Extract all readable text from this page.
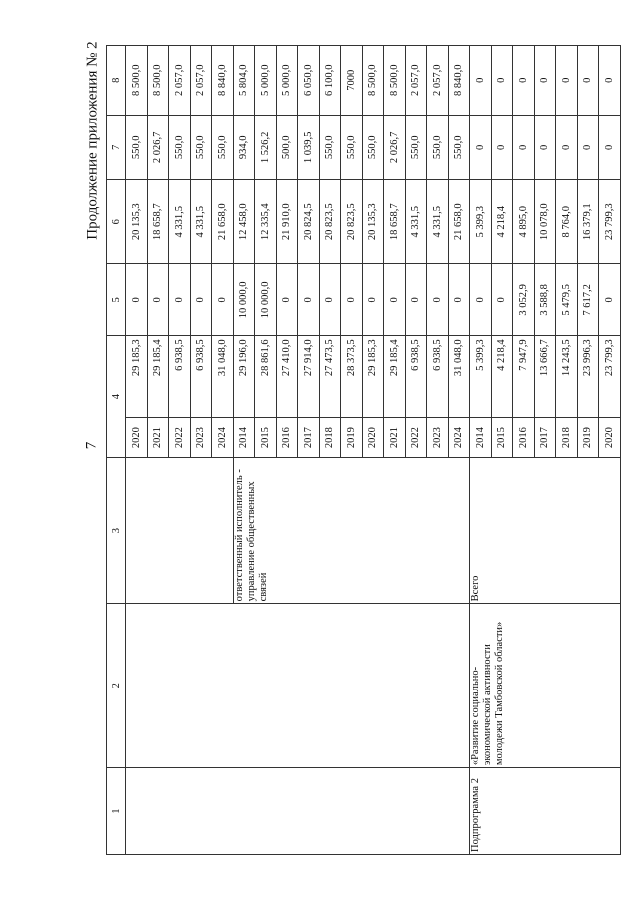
7
Продолжение приложения № 2
1	2	3	4		5	6	7	8
			2020	29 185,3	0	20 135,3	550,0	8 500,0
			2021	29 185,4	0	18 658,7	2 026,7	8 500,0
			2022	6 938,5	0	4 331,5	550,0	2 057,0
			2023	6 938,5	0	4 331,5	550,0	2 057,0
			2024	31 048,0	0	21 658,0	550,0	8 840,0
		ответственный исполнитель - управление общественных связей	2014	29 196,0	10 000,0	12 458,0	934,0	5 804,0
			2015	28 861,6	10 000,0	12 335,4	1 526,2	5 000,0
			2016	27 410,0	0	21 910,0	500,0	5 000,0
			2017	27 914,0	0	20 824,5	1 039,5	6 050,0
			2018	27 473,5	0	20 823,5	550,0	6 100,0
			2019	28 373,5	0	20 823,5	550,0	7000
			2020	29 185,3	0	20 135,3	550,0	8 500,0
			2021	29 185,4	0	18 658,7	2 026,7	8 500,0
			2022	6 938,5	0	4 331,5	550,0	2 057,0
			2023	6 938,5	0	4 331,5	550,0	2 057,0
			2024	31 048,0	0	21 658,0	550,0	8 840,0
Подпрограмма 2	«Развитие социально-экономической активности молодежи Тамбовской области»	Всего	2014	5 399,3	0	5 399,3	0	0
			2015	4 218,4	0	4 218,4	0	0
			2016	7 947,9	3 052,9	4 895,0	0	0
			2017	13 666,7	3 588,8	10 078,0	0	0
			2018	14 243,5	5 479,5	8 764,0	0	0
			2019	23 996,3	7 617,2	16 379,1	0	0
			2020	23 799,3	0	23 799,3	0	0
